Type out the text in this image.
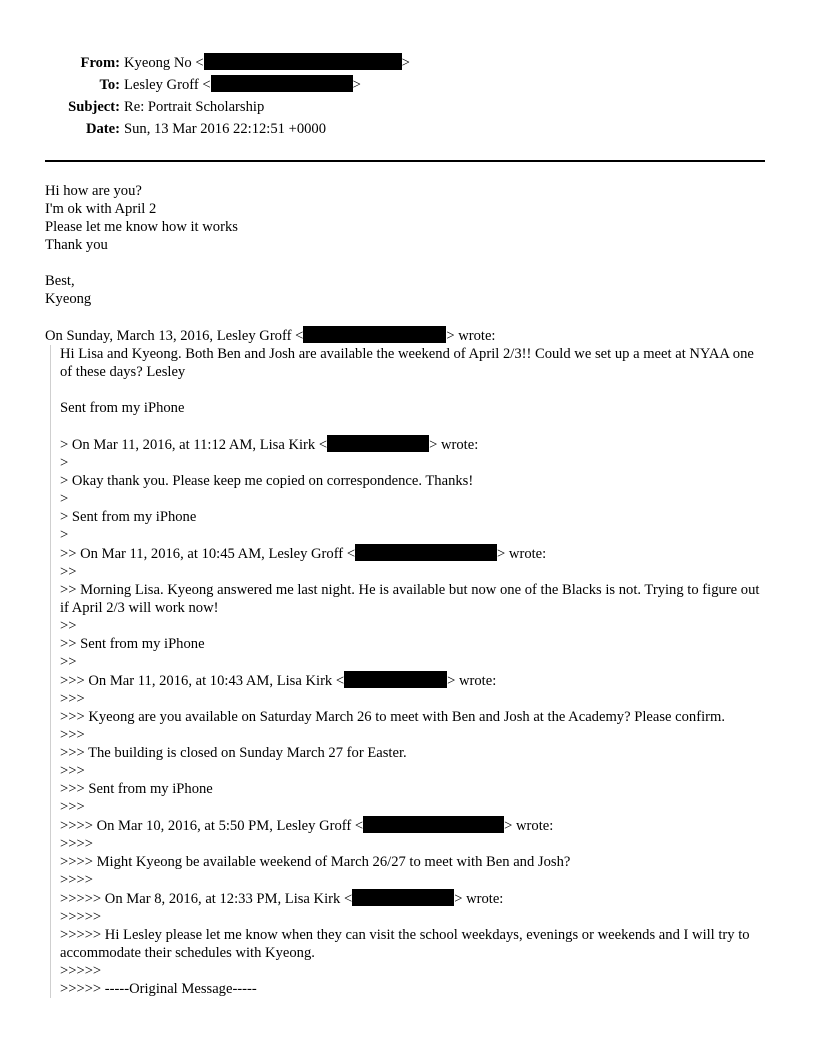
From: Kyeong No <	>
To: Lesley Groff <	>
Subject: Re: Portrait Scholarship
Date: Sun, 13 Mar 2016 22:12:51 +0000

Hi how are you?

I'm ok with April 2

Please let me know how it works

Thank you

Best,

Kyeong

On Sunday, March 13, 2016, Lesley Groff <	> wrote:

Hi Lisa and Kyeong. Both Ben and Josh are available the weekend of April 2/3!! Could we set up a meet at NYAA one of these days? Lesley

Sent from my iPhone

> On Mar 11, 2016, at 11:12 AM, Lisa Kirk <	> wrote:

>

> Okay thank you. Please keep me copied on correspondence. Thanks!

>

> Sent from my iPhone

>

>> On Mar 11, 2016, at 10:45 AM, Lesley Groff <	> wrote:

>>

>> Morning Lisa. Kyeong answered me last night. He is available but now one of the Blacks is not. Trying to figure out if April 2/3 will work now!

>>

>> Sent from my iPhone

>>

>>> On Mar 11, 2016, at 10:43 AM, Lisa Kirk <	> wrote:

>>>

>>> Kyeong are you available on Saturday March 26 to meet with Ben and Josh at the Academy? Please confirm.

>>>

>>> The building is closed on Sunday March 27 for Easter.

>>>

>>> Sent from my iPhone

>>>

>>>> On Mar 10, 2016, at 5:50 PM, Lesley Groff <	> wrote:

>>>>

>>>> Might Kyeong be available weekend of March 26/27 to meet with Ben and Josh?

>>>>

>>>>> On Mar 8, 2016, at 12:33 PM, Lisa Kirk <	> wrote:

>>>>>

>>>>> Hi Lesley please let me know when they can visit the school weekdays, evenings or weekends and I will try to accommodate their schedules with Kyeong.

>>>>>

>>>>> -----Original Message-----
